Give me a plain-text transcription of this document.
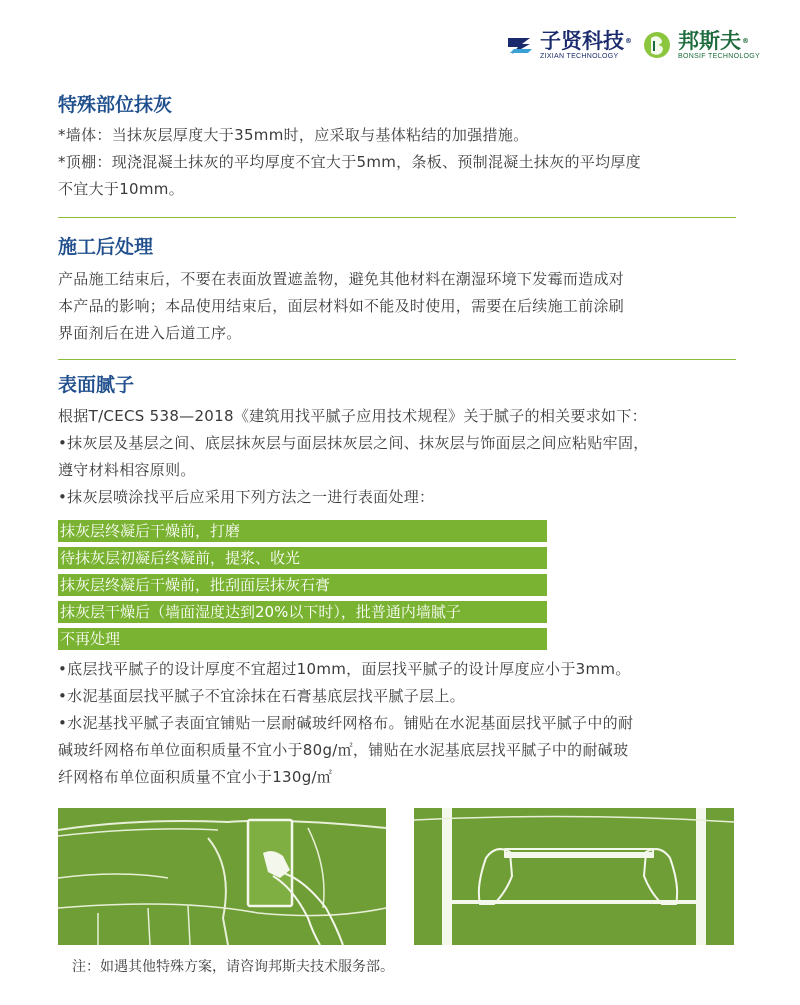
子贤科技®
ZIXIAN TECHNOLOGY
邦斯夫®
BONSIF TECHNOLOGY
特殊部位抹灰
*墙体：当抹灰层厚度大于35mm时，应采取与基体粘结的加强措施。
*顶棚：现浇混凝土抹灰的平均厚度不宜大于5mm，条板、预制混凝土抹灰的平均厚度
不宜大于10mm。
施工后处理
产品施工结束后，不要在表面放置遮盖物，避免其他材料在潮湿环境下发霉而造成对
本产品的影响；本品使用结束后，面层材料如不能及时使用，需要在后续施工前涂刷
界面剂后在进入后道工序。
表面腻子
根据T/CECS 538—2018《建筑用找平腻子应用技术规程》关于腻子的相关要求如下：
•抹灰层及基层之间、底层抹灰层与面层抹灰层之间、抹灰层与饰面层之间应粘贴牢固，
遵守材料相容原则。
•抹灰层喷涂找平后应采用下列方法之一进行表面处理：
抹灰层终凝后干燥前，打磨
待抹灰层初凝后终凝前，提浆、收光
抹灰层终凝后干燥前，批刮面层抹灰石膏
抹灰层干燥后（墙面湿度达到20%以下时），批普通内墙腻子
不再处理
•底层找平腻子的设计厚度不宜超过10mm，面层找平腻子的设计厚度应小于3mm。
•水泥基面层找平腻子不宜涂抹在石膏基底层找平腻子层上。
•水泥基找平腻子表面宜铺贴一层耐碱玻纤网格布。铺贴在水泥基面层找平腻子中的耐
碱玻纤网格布单位面积质量不宜小于80g/㎡，铺贴在水泥基底层找平腻子中的耐碱玻
纤网格布单位面积质量不宜小于130g/㎡

注：如遇其他特殊方案，请咨询邦斯夫技术服务部。
